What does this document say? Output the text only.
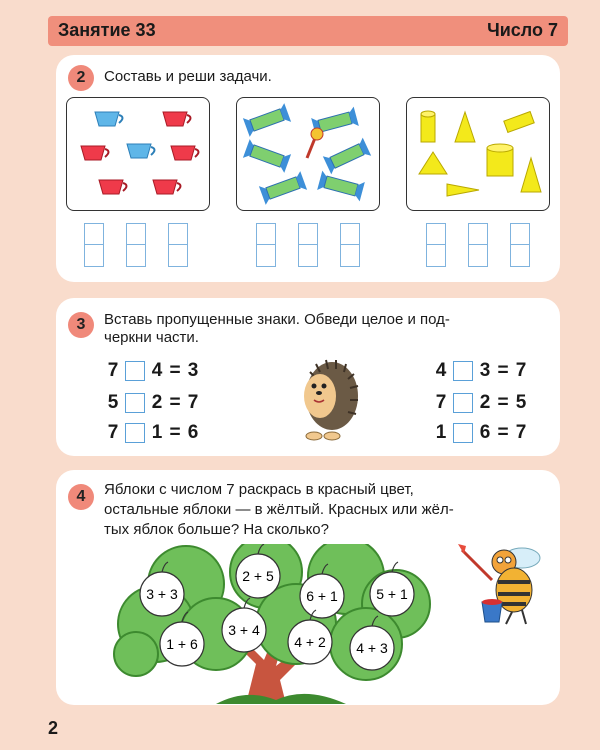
Занятие 33	Число 7
2	Составь и реши задачи.
3	Вставь пропущенные знаки. Обведи целое и под-
черкни части.
7 4 = 3
5 2 = 7
7 1 = 6
4 3 = 7
7 2 = 5
1 6 = 7
4	Яблоки с числом 7 раскрась в красный цвет,
остальные яблоки — в жёлтый. Красных или жёл-
тых яблок больше? На сколько?
3 + 3
2 + 5
6 + 1	5 + 1
3 + 4
1 + 6	4 + 2 4 + 3
2
